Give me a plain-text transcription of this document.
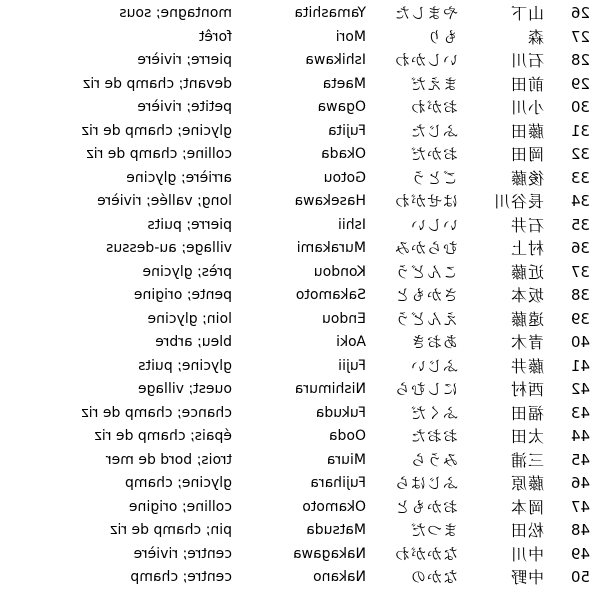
26
山下
やました
Yamashita
montagne; sous
27
森
もり
Mori
forêt
28
石川
いしかわ
Ishikawa
pierre; rivière
29
前田
まえだ
Maeta
devant; champ de riz
30
小川
おがわ
Ogawa
petite; rivière
31
藤田
ふじた
Fujita
glycine; champ de riz
32
岡田
おかだ
Okada
colline; champ de riz
33
後藤
ごとう
Gotou
arrière; glycine
34
長谷川
はせがわ
Hasekawa
long; vallée; rivière
35
石井
いしい
Ishii
pierre; puits
36
村上
むらかみ
Murakami
village; au-dessus
37
近藤
こんどう
Kondou
près; glycine
38
坂本
さかもと
Sakamoto
pente; origine
39
遠藤
えんどう
Endou
loin; glycine
40
青木
あおき
Aoki
bleu; arbre
41
藤井
ふじい
Fujii
glycine; puits
42
西村
にしむら
Nishimura
ouest; village
43
福田
ふくだ
Fukuda
chance; champ de riz
44
太田
おおた
Ooda
épais; champ de riz
45
三浦
みうら
Miura
trois; bord de mer
46
藤原
ふじはら
Fujihara
glycine; champ
47
岡本
おかもと
Okamoto
colline; origine
48
松田
まつだ
Matsuda
pin; champ de riz
49
中川
なかがわ
Nakagawa
centre; rivière
50
中野
なかの
Nakano
centre; champ
